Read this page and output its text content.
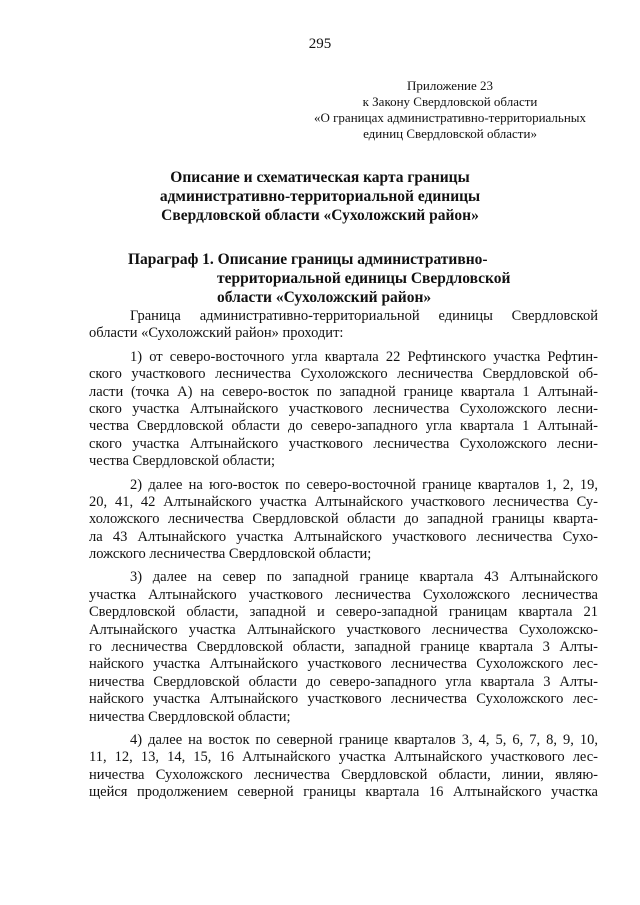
295
Приложение 23
к Закону Свердловской области
«О границах административно-территориальных
единиц Свердловской области»
Описание и схематическая карта границы
административно-территориальной единицы
Свердловской области «Сухоложский район»
Параграф 1. Описание границы административно-
территориальной единицы Свердловской
области «Сухоложский район»
Граница административно-территориальной единицы Свердловской
области «Сухоложский район» проходит:
1) от северо-восточного угла квартала 22 Рефтинского участка Рефтин-
ского участкового лесничества Сухоложского лесничества Свердловской об-
ласти (точка А) на северо-восток по западной границе квартала 1 Алтынай-
ского участка Алтынайского участкового лесничества Сухоложского лесни-
чества Свердловской области до северо-западного угла квартала 1 Алтынай-
ского участка Алтынайского участкового лесничества Сухоложского лесни-
чества Свердловской области;
2) далее на юго-восток по северо-восточной границе кварталов 1, 2, 19,
20, 41, 42 Алтынайского участка Алтынайского участкового лесничества Су-
холожского лесничества Свердловской области до западной границы кварта-
ла 43 Алтынайского участка Алтынайского участкового лесничества Сухо-
ложского лесничества Свердловской области;
3) далее на север по западной границе квартала 43 Алтынайского
участка Алтынайского участкового лесничества Сухоложского лесничества
Свердловской области, западной и северо-западной границам квартала 21
Алтынайского участка Алтынайского участкового лесничества Сухоложско-
го лесничества Свердловской области, западной границе квартала 3 Алты-
найского участка Алтынайского участкового лесничества Сухоложского лес-
ничества Свердловской области до северо-западного угла квартала 3 Алты-
найского участка Алтынайского участкового лесничества Сухоложского лес-
ничества Свердловской области;
4) далее на восток по северной границе кварталов 3, 4, 5, 6, 7, 8, 9, 10,
11, 12, 13, 14, 15, 16 Алтынайского участка Алтынайского участкового лес-
ничества Сухоложского лесничества Свердловской области, линии, являю-
щейся продолжением северной границы квартала 16 Алтынайского участка
